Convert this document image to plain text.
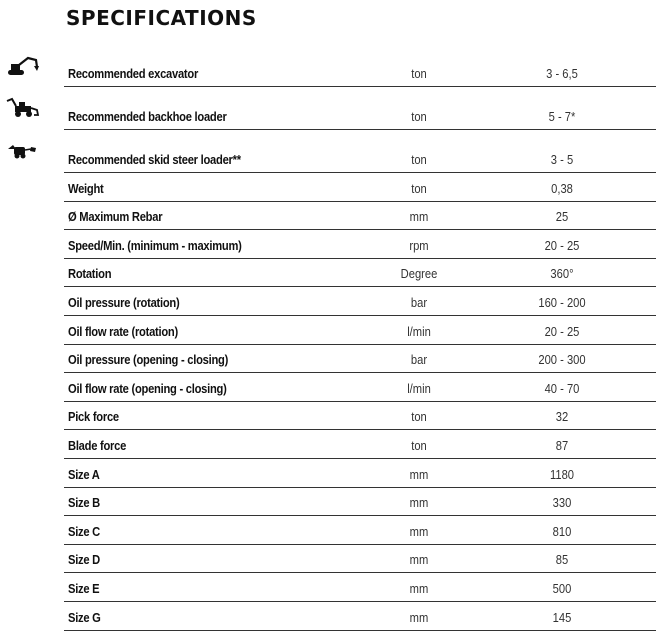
SPECIFICATIONS
Recommended excavator	ton	3 - 6,5
Recommended backhoe loader	ton	5 - 7*
Recommended skid steer loader**	ton	3 - 5
Weight	ton	0,38
Ø Maximum Rebar	mm	25
Speed/Min. (minimum - maximum)	rpm	20 - 25
Rotation	Degree	360°
Oil pressure (rotation)	bar	160 - 200
Oil flow rate (rotation)	l/min	20 - 25
Oil pressure (opening - closing)	bar	200 - 300
Oil flow rate (opening - closing)	l/min	40 - 70
Pick force	ton	32
Blade force	ton	87
Size A	mm	1180
Size B	mm	330
Size C	mm	810
Size D	mm	85
Size E	mm	500
Size G	mm	145
